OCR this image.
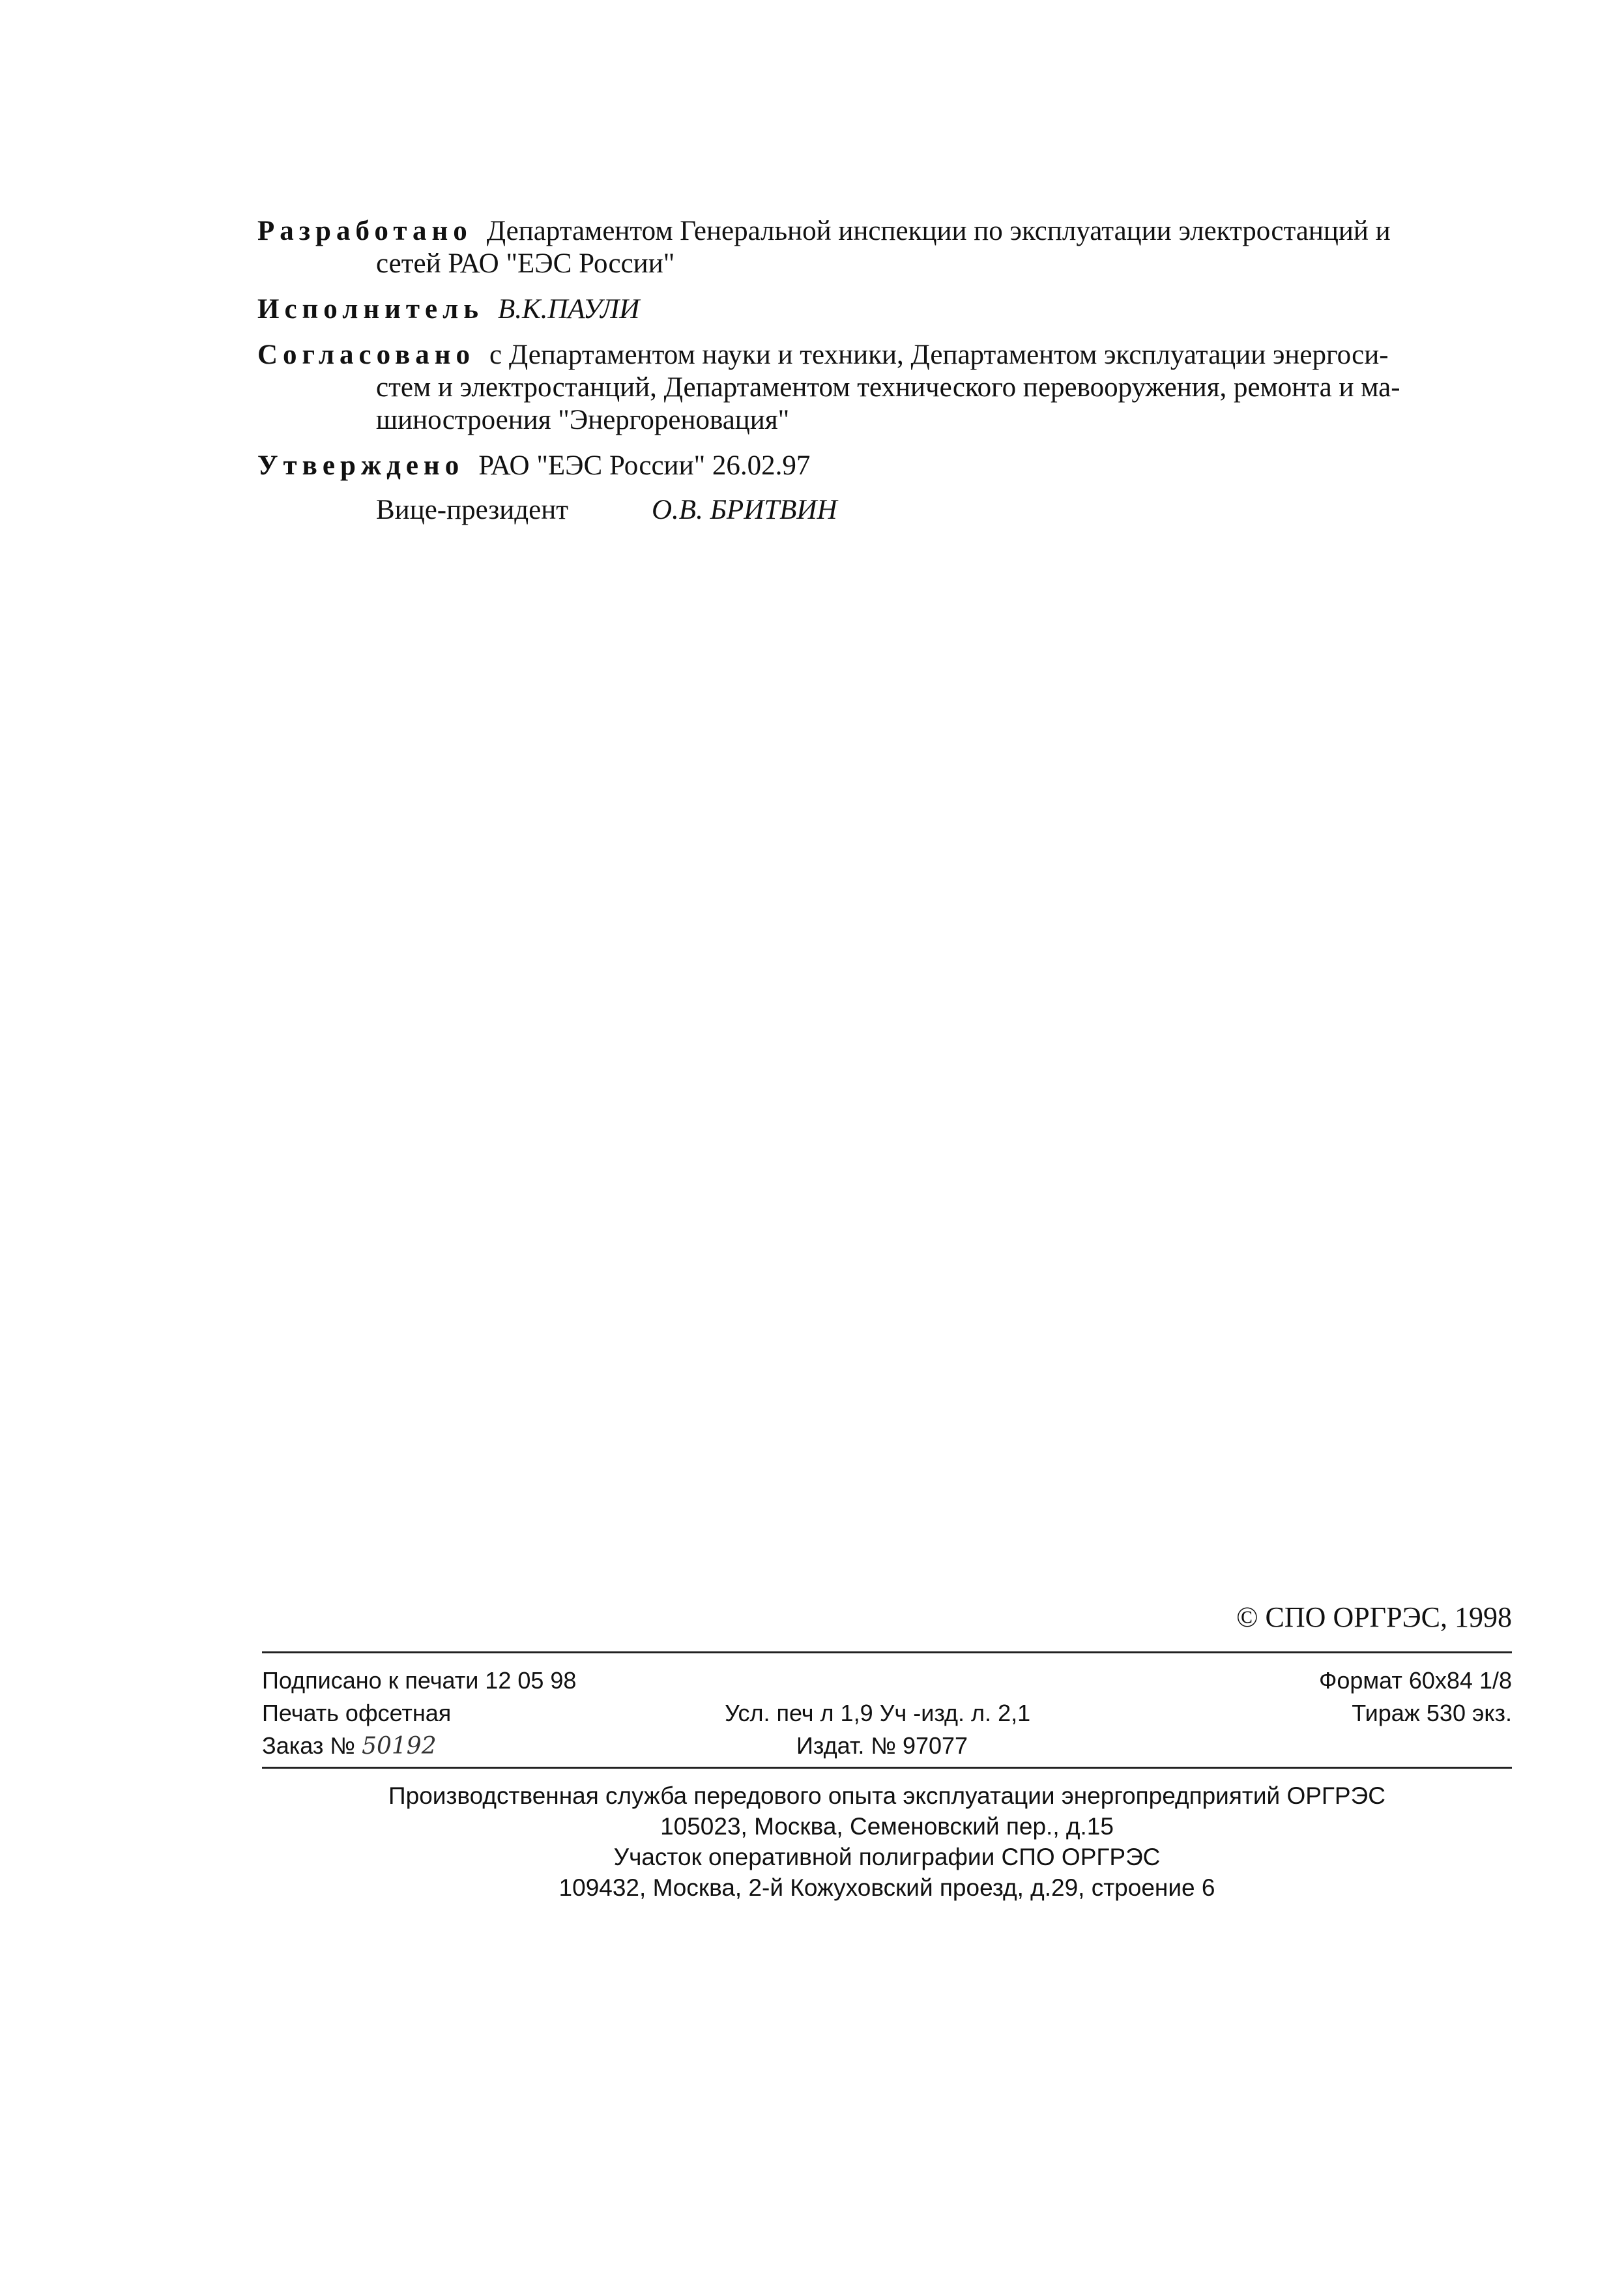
Разработано Департаментом Генеральной инспекции по эксплуатации электростанций и
сетей РАО "ЕЭС России"
Исполнитель В.К.ПАУЛИ
Согласовано с Департаментом науки и техники, Департаментом эксплуатации энергоси-
стем и электростанций, Департаментом технического перевооружения, ремонта и ма-
шиностроения "Энергореновация"
Утверждено РАО "ЕЭС России" 26.02.97
Вице-президент	О.В. БРИТВИН
© СПО ОРГРЭС, 1998
Подписано к печати 12 05 98
Печать офсетная
Заказ № 50192
Усл. печ л 1,9 Уч -изд. л. 2,1
Издат. № 97077
Формат 60х84 1/8
Тираж 530 экз.
Производственная служба передового опыта эксплуатации энергопредприятий ОРГРЭС
105023, Москва, Семеновский пер., д.15
Участок оперативной полиграфии СПО ОРГРЭС
109432, Москва, 2-й Кожуховский проезд, д.29, строение 6
